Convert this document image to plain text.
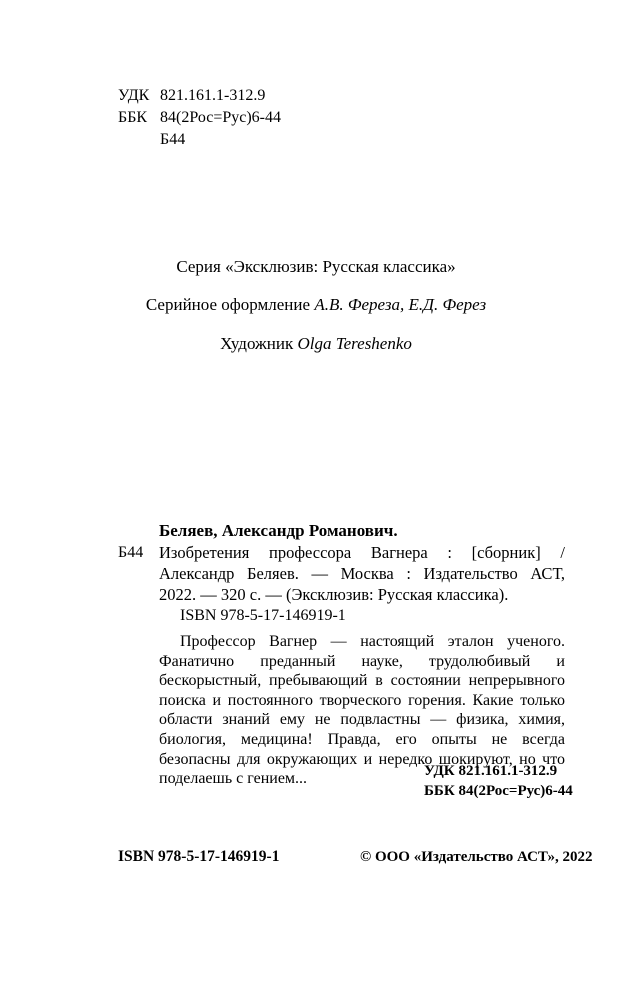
УДК 821.161.1-312.9
ББК 84(2Рос=Рус)6-44
Б44
Серия «Эксклюзив: Русская классика»
Серийное оформление А.В. Фереза, Е.Д. Ферез
Художник Olga Tereshenko
Беляев, Александр Романович.
Б44 Изобретения профессора Вагнера : [сборник] /
Александр Беляев. — Москва : Издательство АСТ,
2022. — 320 с. — (Эксклюзив: Русская классика).
ISBN 978-5-17-146919-1
Профессор Вагнер — настоящий эталон ученого. Фанатично преданный науке, трудолюбивый и бескорыстный, пребывающий в состоянии непрерывного поиска и постоянного творческого горения. Какие только области знаний ему не подвластны — физика, химия, биология, медицина! Правда, его опыты не всегда безопасны для окружающих и нередко шокируют, но что поделаешь с гением...	УДК 821.161.1-312.9
ББК 84(2Рос=Рус)6-44
ISBN 978-5-17-146919-1	© ООО «Издательство АСТ», 2022
